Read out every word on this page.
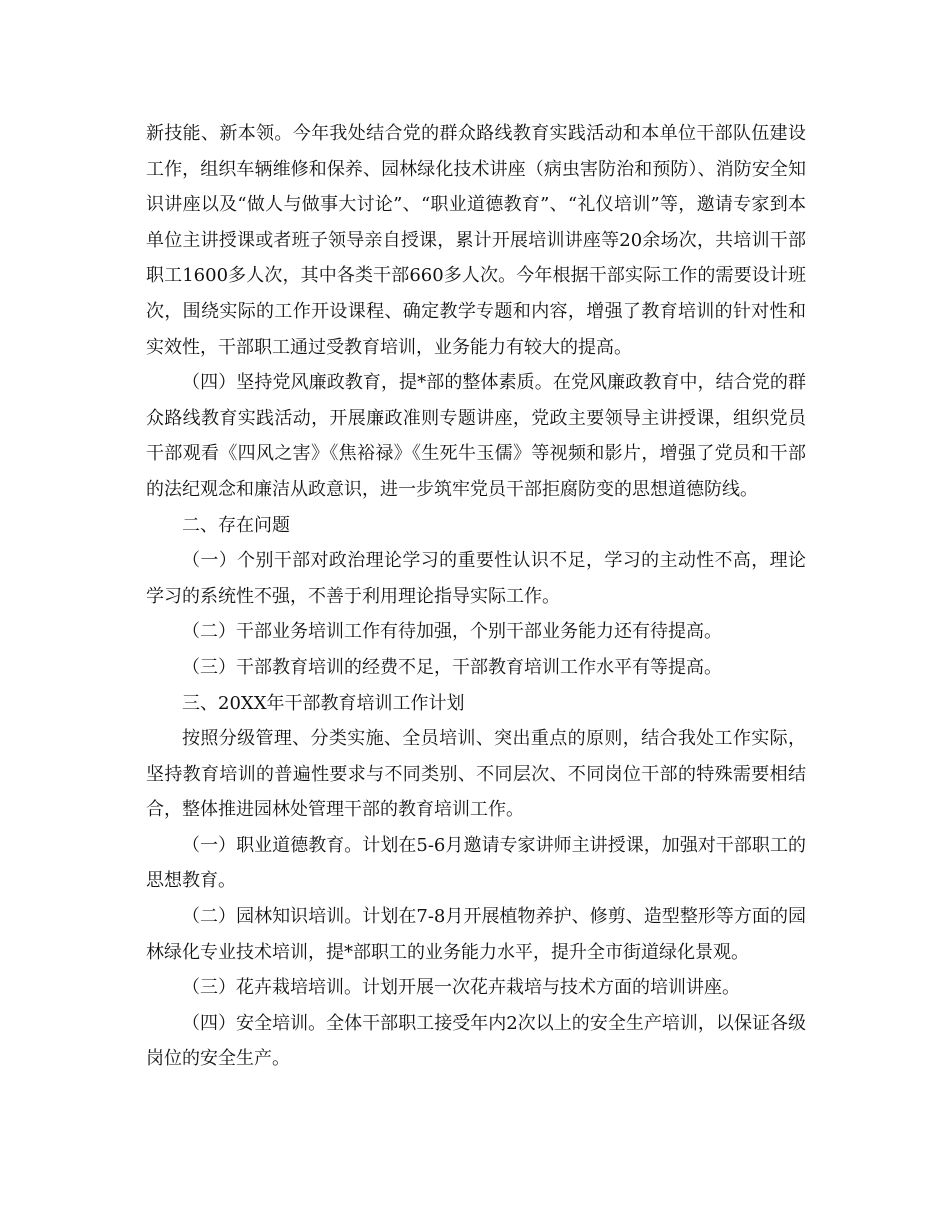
新技能、新本领。今年我处结合党的群众路线教育实践活动和本单位干部队伍建设工作，组织车辆维修和保养、园林绿化技术讲座（病虫害防治和预防）、消防安全知识讲座以及“做人与做事大讨论”、“职业道德教育”、“礼仪培训”等，邀请专家到本单位主讲授课或者班子领导亲自授课，累计开展培训讲座等20余场次，共培训干部职工1600多人次，其中各类干部660多人次。今年根据干部实际工作的需要设计班次，围绕实际的工作开设课程、确定教学专题和内容，增强了教育培训的针对性和实效性，干部职工通过受教育培训，业务能力有较大的提高。

（四）坚持党风廉政教育，提*部的整体素质。在党风廉政教育中，结合党的群众路线教育实践活动，开展廉政准则专题讲座，党政主要领导主讲授课，组织党员干部观看《四风之害》《焦裕禄》《生死牛玉儒》等视频和影片，增强了党员和干部的法纪观念和廉洁从政意识，进一步筑牢党员干部拒腐防变的思想道德防线。

二、存在问题

（一）个别干部对政治理论学习的重要性认识不足，学习的主动性不高，理论学习的系统性不强，不善于利用理论指导实际工作。

（二）干部业务培训工作有待加强，个别干部业务能力还有待提高。

（三）干部教育培训的经费不足，干部教育培训工作水平有等提高。

三、20XX年干部教育培训工作计划

按照分级管理、分类实施、全员培训、突出重点的原则，结合我处工作实际，坚持教育培训的普遍性要求与不同类别、不同层次、不同岗位干部的特殊需要相结合，整体推进园林处管理干部的教育培训工作。

（一）职业道德教育。计划在5-6月邀请专家讲师主讲授课，加强对干部职工的思想教育。

（二）园林知识培训。计划在7-8月开展植物养护、修剪、造型整形等方面的园林绿化专业技术培训，提*部职工的业务能力水平，提升全市街道绿化景观。

（三）花卉栽培培训。计划开展一次花卉栽培与技术方面的培训讲座。

（四）安全培训。全体干部职工接受年内2次以上的安全生产培训，以保证各级岗位的安全生产。
